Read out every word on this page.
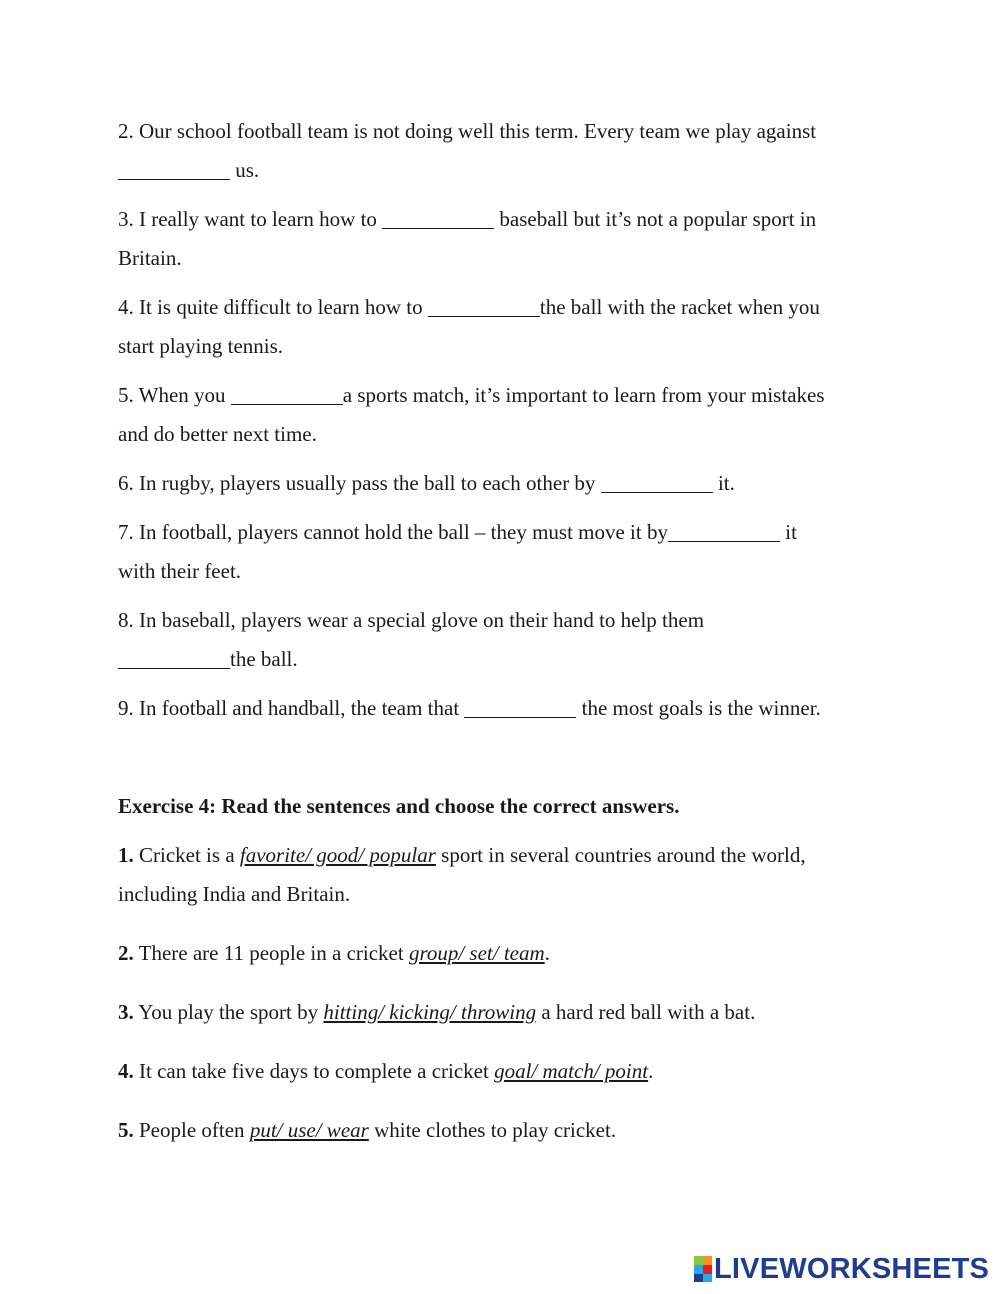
2. Our school football team is not doing well this term. Every team we play against
us.

3. I really want to learn how to	baseball but it’s not a popular sport in
Britain.

4. It is quite difficult to learn how to	the ball with the racket when you
start playing tennis.

5. When you	a sports match, it’s important to learn from your mistakes
and do better next time.

6. In rugby, players usually pass the ball to each other by	it.

7. In football, players cannot hold the ball – they must move it by	it
with their feet.

8. In baseball, players wear a special glove on their hand to help them
the ball.

9. In football and handball, the team that	the most goals is the winner.

Exercise 4: Read the sentences and choose the correct answers.

1. Cricket is a favorite/ good/ popular sport in several countries around the world,
including India and Britain.

2. There are 11 people in a cricket group/ set/ team.

3. You play the sport by hitting/ kicking/ throwing a hard red ball with a bat.

4. It can take five days to complete a cricket goal/ match/ point.

5. People often put/ use/ wear white clothes to play cricket.

LIVEWORKSHEETS
